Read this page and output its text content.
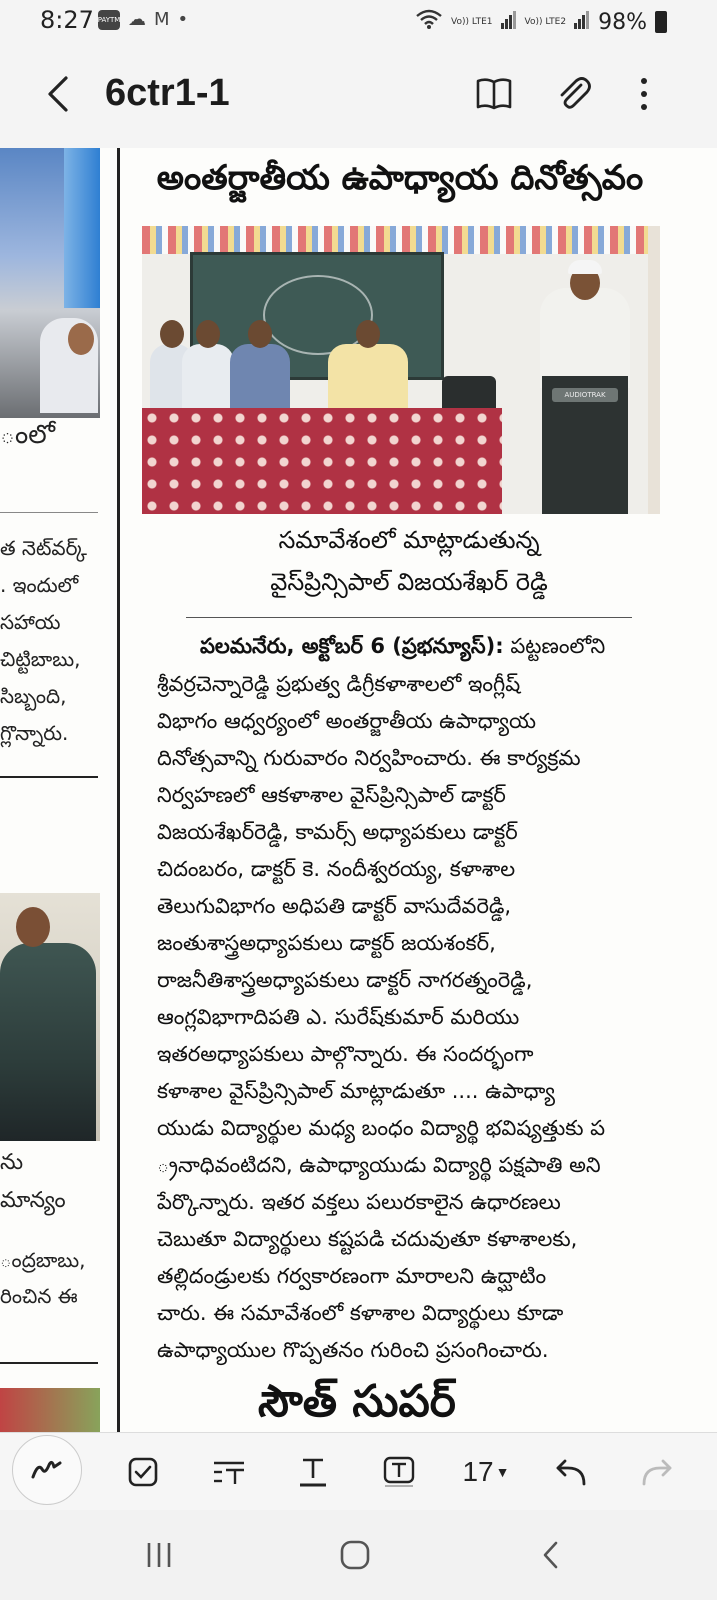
8:27 PAYTM ☁ M •	Vo)) LTE1	Vo)) LTE2 98%
6ctr1-1
ంలో
త నెట్‌వర్క్
. ఇందులో
సహాయ
చిట్టిబాబు,
సిబ్బంది,
గ్లొన్నారు.
ను
మాన్యం
ంద్రబాబు,
రించిన ఈ
అంతర్జాతీయ ఉపాధ్యాయ దినోత్సవం
AUDIOTRAK
సమావేశంలో మాట్లాడుతున్న
వైస్‌ప్రిన్సిపాల్ విజయశేఖర్ రెడ్డి
పలమనేరు, అక్టోబర్ 6 (ప్రభన్యూస్): పట్టణంలోని
శ్రీవర్రచెన్నారెడ్డి ప్రభుత్వ డిగ్రీకళాశాలలో ఇంగ్లీష్
విభాగం ఆధ్వర్యంలో అంతర్జాతీయ ఉపాధ్యాయ
దినోత్సవాన్ని గురువారం నిర్వహించారు. ఈ కార్యక్రమ
నిర్వహణలో ఆకళాశాల వైస్‌ప్రిన్సిపాల్ డాక్టర్
విజయశేఖర్‌రెడ్డి, కామర్స్ అధ్యాపకులు డాక్టర్
చిదంబరం, డాక్టర్ కె. నందీశ్వరయ్య, కళాశాల
తెలుగువిభాగం అధిపతి డాక్టర్ వాసుదేవరెడ్డి,
జంతుశాస్త్రఅధ్యాపకులు డాక్టర్ జయశంకర్,
రాజనీతిశాస్త్రఅధ్యాపకులు డాక్టర్ నాగరత్నంరెడ్డి,
ఆంగ్లవిభాగాదిపతి ఎ. సురేష్‌కుమార్ మరియు
ఇతరఅధ్యాపకులు పాల్గొన్నారు. ఈ సందర్భంగా
కళాశాల వైస్‌ప్రిన్సిపాల్ మాట్లాడుతూ .... ఉపాధ్యా
యుడు విద్యార్థుల మధ్య బంధం విద్యార్థి భవిష్యత్తుకు ప
్రనాధివంటిదని, ఉపాధ్యాయుడు విద్యార్థి పక్షపాతి అని
పేర్కొన్నారు. ఇతర వక్తలు పలురకాలైన ఉధారణలు
చెబుతూ విద్యార్థులు కష్టపడి చదువుతూ కళాశాలకు,
తల్లిదండ్రులకు గర్వకారణంగా మారాలని ఉద్ఘాటిం
చారు. ఈ సమావేశంలో కళాశాల విద్యార్థులు కూడా
ఉపాధ్యాయుల గొప్పతనం గురించి ప్రసంగించారు.
సౌత్ సుపర్
17 ▼
